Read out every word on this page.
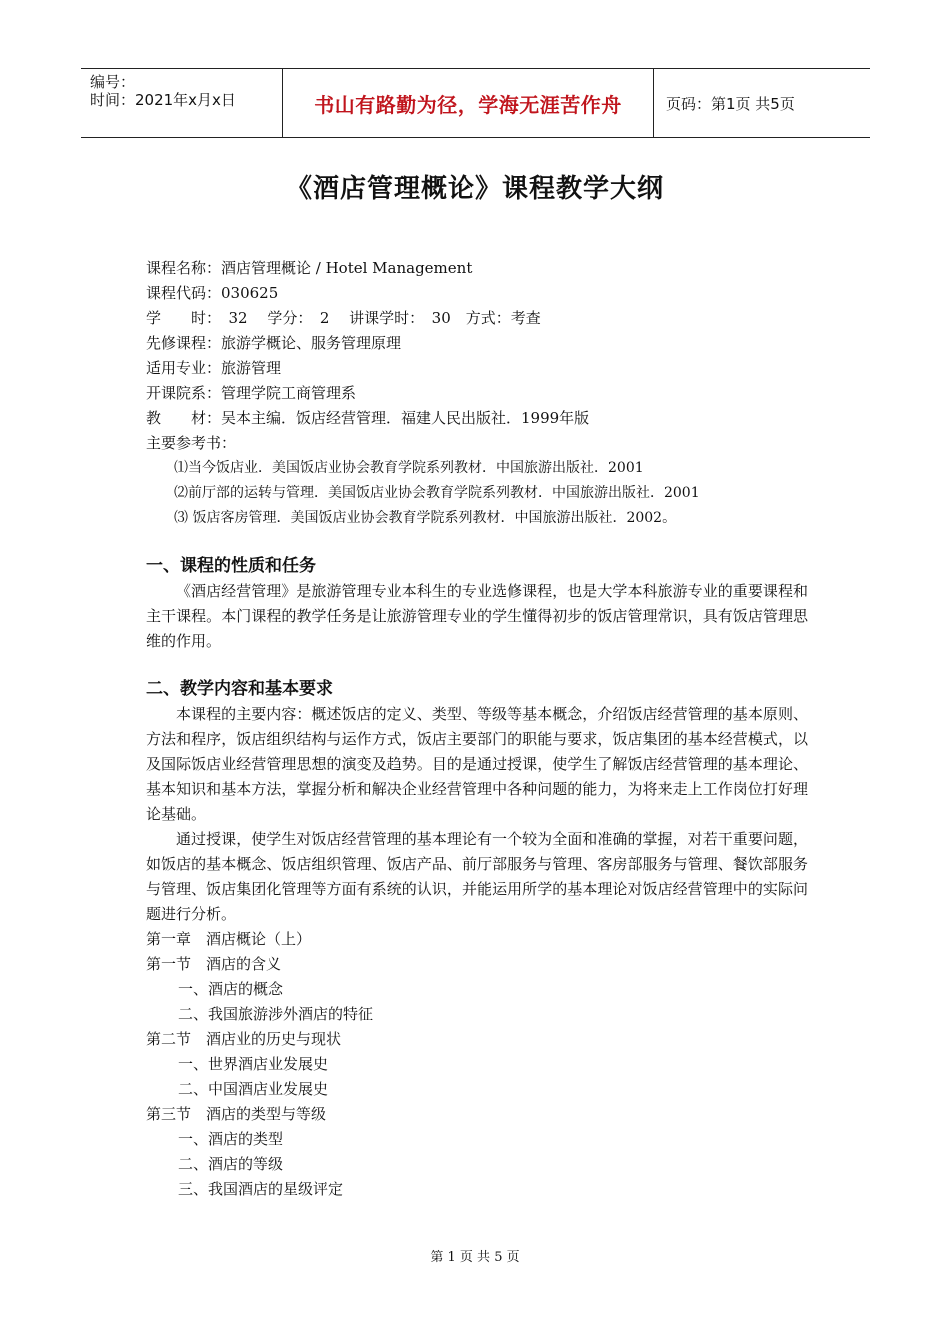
编号：
时间：2021年x月x日	书山有路勤为径，学海无涯苦作舟	页码：第1页 共5页
《酒店管理概论》课程教学大纲
课程名称：酒店管理概论 / Hotel Management
课程代码：030625
学　　时：　32　 学分：　2　 讲课学时：　30　方式：考查
先修课程：旅游学概论、服务管理原理
适用专业：旅游管理
开课院系：管理学院工商管理系
教　　材：吴本主编．饭店经营管理．福建人民出版社．1999年版
主要参考书：
⑴当今饭店业．美国饭店业协会教育学院系列教材．中国旅游出版社．2001
⑵前厅部的运转与管理．美国饭店业协会教育学院系列教材．中国旅游出版社．2001
⑶ 饭店客房管理．美国饭店业协会教育学院系列教材．中国旅游出版社．2002。
一、课程的性质和任务

《酒店经营管理》是旅游管理专业本科生的专业选修课程，也是大学本科旅游专业的重要课程和主干课程。本门课程的教学任务是让旅游管理专业的学生懂得初步的饭店管理常识，具有饭店管理思维的作用。

二、教学内容和基本要求

本课程的主要内容：概述饭店的定义、类型、等级等基本概念，介绍饭店经营管理的基本原则、方法和程序，饭店组织结构与运作方式，饭店主要部门的职能与要求，饭店集团的基本经营模式，以及国际饭店业经营管理思想的演变及趋势。目的是通过授课，使学生了解饭店经营管理的基本理论、基本知识和基本方法，掌握分析和解决企业经营管理中各种问题的能力，为将来走上工作岗位打好理论基础。

通过授课，使学生对饭店经营管理的基本理论有一个较为全面和准确的掌握，对若干重要问题，如饭店的基本概念、饭店组织管理、饭店产品、前厅部服务与管理、客房部服务与管理、餐饮部服务与管理、饭店集团化管理等方面有系统的认识，并能运用所学的基本理论对饭店经营管理中的实际问题进行分析。

第一章　酒店概论（上）
第一节　酒店的含义
一、酒店的概念
二、我国旅游涉外酒店的特征
第二节　酒店业的历史与现状
一、世界酒店业发展史
二、中国酒店业发展史
第三节　酒店的类型与等级
一、酒店的类型
二、酒店的等级
三、我国酒店的星级评定
第 1 页 共 5 页
